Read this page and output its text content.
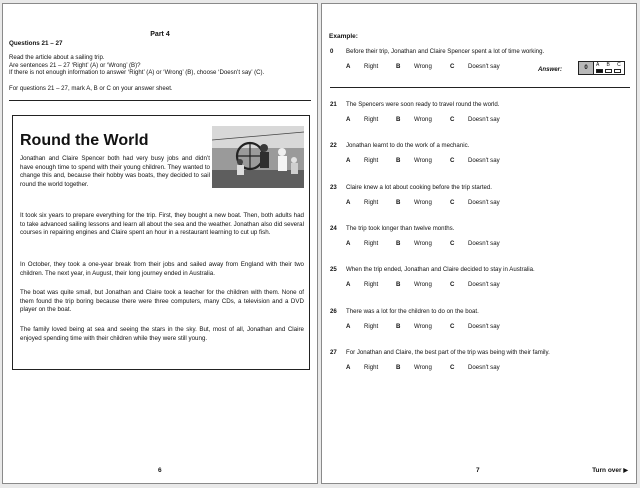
Part 4
Questions 21 – 27
Read the article about a sailing trip.
Are sentences 21 – 27 ‘Right’ (A) or ‘Wrong’ (B)?
If there is not enough information to answer ‘Right’ (A) or ‘Wrong’ (B), choose ‘Doesn’t say’ (C).
For questions 21 – 27, mark A, B or C on your answer sheet.
Round the World
Jonathan and Claire Spencer both had very busy jobs and didn’t have enough time to spend with their young children. They wanted to change this and, because their hobby was boats, they decided to sail round the world together.
It took six years to prepare everything for the trip. First, they bought a new boat. Then, both adults had to take advanced sailing lessons and learn all about the sea and the weather. Jonathan also did several courses in repairing engines and Claire spent an hour in a restaurant learning to cut up fish.
In October, they took a one-year break from their jobs and sailed away from England with their two children. The next year, in August, their long journey ended in Australia.
The boat was quite small, but Jonathan and Claire took a teacher for the children with them. None of them found the trip boring because there were three computers, many CDs, a television and a DVD player on the boat.
The family loved being at sea and seeing the stars in the sky. But, most of all, Jonathan and Claire enjoyed spending time with their children while they were still young.
6
Example:
0 Before their trip, Jonathan and Claire Spencer spent a lot of time working.
A Right	B Wrong	C Doesn't say	Answer:	0	A B C
21 The Spencers were soon ready to travel round the world.
A Right	B Wrong	C Doesn't say
22 Jonathan learnt to do the work of a mechanic.
A Right	B Wrong	C Doesn't say
23 Claire knew a lot about cooking before the trip started.
A Right	B Wrong	C Doesn't say
24 The trip took longer than twelve months.
A Right	B Wrong	C Doesn't say
25 When the trip ended, Jonathan and Claire decided to stay in Australia.
A Right	B Wrong	C Doesn't say
26 There was a lot for the children to do on the boat.
A Right	B Wrong	C Doesn't say
27 For Jonathan and Claire, the best part of the trip was being with their family.
A Right	B Wrong	C Doesn't say
7	Turn over ▶
